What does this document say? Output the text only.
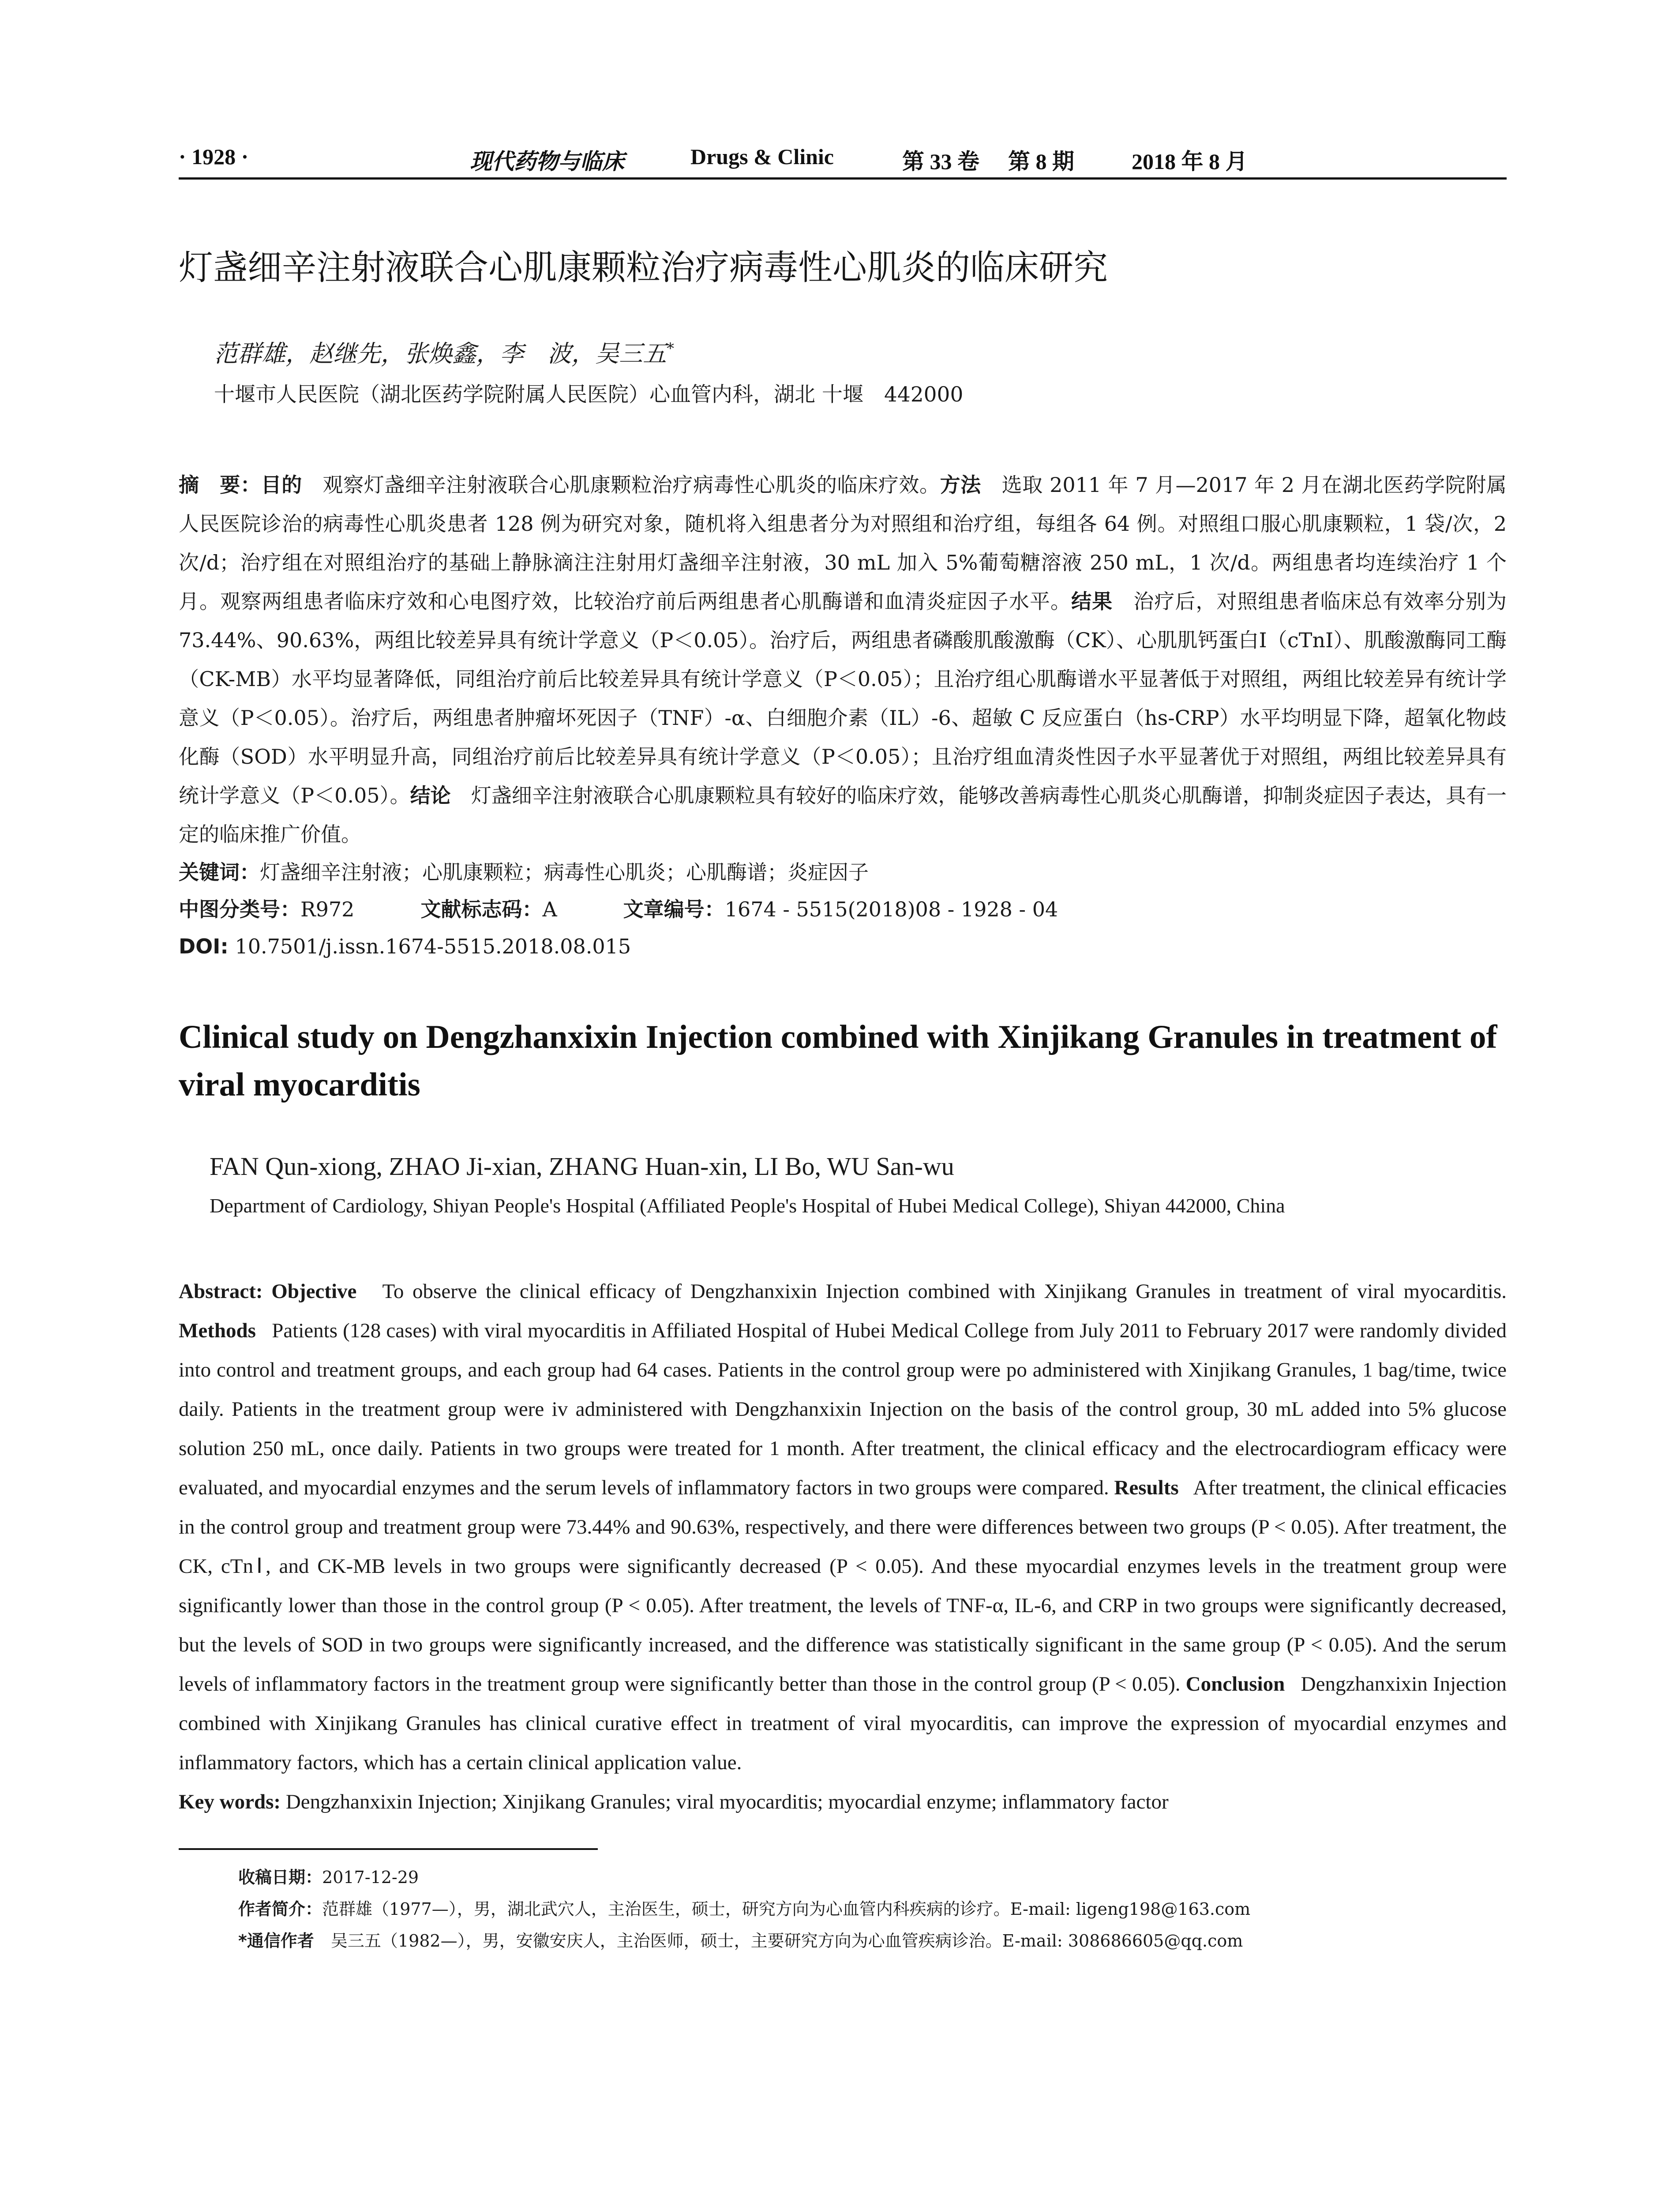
· 1928 ·	现代药物与临床	Drugs & Clinic	第 33 卷 第 8 期	2018 年 8 月
灯盏细辛注射液联合心肌康颗粒治疗病毒性心肌炎的临床研究
范群雄，赵继先，张焕鑫，李　波，吴三五*
十堰市人民医院（湖北医药学院附属人民医院）心血管内科，湖北 十堰　442000
摘　要：目的　 观察灯盏细辛注射液联合心肌康颗粒治疗病毒性心肌炎的临床疗效。方法　 选取 2011 年 7 月—2017 年 2 月在湖北医药学院附属人民医院诊治的病毒性心肌炎患者 128 例为研究对象，随机将入组患者分为对照组和治疗组，每组各 64 例。对照组口服心肌康颗粒，1 袋/次，2 次/d；治疗组在对照组治疗的基础上静脉滴注注射用灯盏细辛注射液，30 mL 加入 5%葡萄糖溶液 250 mL，1 次/d。两组患者均连续治疗 1 个月。观察两组患者临床疗效和心电图疗效，比较治疗前后两组患者心肌酶谱和血清炎症因子水平。结果　 治疗后，对照组患者临床总有效率分别为 73.44%、90.63%，两组比较差异具有统计学意义（P＜0.05）。治疗后，两组患者磷酸肌酸激酶（CK）、心肌肌钙蛋白Ⅰ（cTnI）、肌酸激酶同工酶（CK-MB）水平均显著降低，同组治疗前后比较差异具有统计学意义（P＜0.05）；且治疗组心肌酶谱水平显著低于对照组，两组比较差异有统计学意义（P＜0.05）。治疗后，两组患者肿瘤坏死因子（TNF）-α、白细胞介素（IL）-6、超敏 C 反应蛋白（hs-CRP）水平均明显下降，超氧化物歧化酶（SOD）水平明显升高，同组治疗前后比较差异具有统计学意义（P＜0.05）；且治疗组血清炎性因子水平显著优于对照组，两组比较差异具有统计学意义（P＜0.05）。结论　 灯盏细辛注射液联合心肌康颗粒具有较好的临床疗效，能够改善病毒性心肌炎心肌酶谱，抑制炎症因子表达，具有一定的临床推广价值。
关键词：灯盏细辛注射液；心肌康颗粒；病毒性心肌炎；心肌酶谱；炎症因子
中图分类号：R972	文献标志码：A	文章编号：1674 - 5515(2018)08 - 1928 - 04
DOI: 10.7501/j.issn.1674-5515.2018.08.015
Clinical study on Dengzhanxixin Injection combined with Xinjikang Granules in treatment of viral myocarditis
FAN Qun-xiong, ZHAO Ji-xian, ZHANG Huan-xin, LI Bo, WU San-wu
Department of Cardiology, Shiyan People's Hospital (Affiliated People's Hospital of Hubei Medical College), Shiyan 442000, China
Abstract: Objective To observe the clinical efficacy of Dengzhanxixin Injection combined with Xinjikang Granules in treatment of viral myocarditis. Methods Patients (128 cases) with viral myocarditis in Affiliated Hospital of Hubei Medical College from July 2011 to February 2017 were randomly divided into control and treatment groups, and each group had 64 cases. Patients in the control group were po administered with Xinjikang Granules, 1 bag/time, twice daily. Patients in the treatment group were iv administered with Dengzhanxixin Injection on the basis of the control group, 30 mL added into 5% glucose solution 250 mL, once daily. Patients in two groups were treated for 1 month. After treatment, the clinical efficacy and the electrocardiogram efficacy were evaluated, and myocardial enzymes and the serum levels of inflammatory factors in two groups were compared. Results After treatment, the clinical efficacies in the control group and treatment group were 73.44% and 90.63%, respectively, and there were differences between two groups (P < 0.05). After treatment, the CK, cTnⅠ, and CK-MB levels in two groups were significantly decreased (P < 0.05). And these myocardial enzymes levels in the treatment group were significantly lower than those in the control group (P < 0.05). After treatment, the levels of TNF-α, IL-6, and CRP in two groups were significantly decreased, but the levels of SOD in two groups were significantly increased, and the difference was statistically significant in the same group (P < 0.05). And the serum levels of inflammatory factors in the treatment group were significantly better than those in the control group (P < 0.05). Conclusion Dengzhanxixin Injection combined with Xinjikang Granules has clinical curative effect in treatment of viral myocarditis, can improve the expression of myocardial enzymes and inflammatory factors, which has a certain clinical application value.
Key words: Dengzhanxixin Injection; Xinjikang Granules; viral myocarditis; myocardial enzyme; inflammatory factor
收稿日期：2017-12-29
作者简介：范群雄（1977—），男，湖北武穴人，主治医生，硕士，研究方向为心血管内科疾病的诊疗。E-mail: ligeng198@163.com
*通信作者　 吴三五（1982—），男，安徽安庆人，主治医师，硕士，主要研究方向为心血管疾病诊治。E-mail: 308686605@qq.com
